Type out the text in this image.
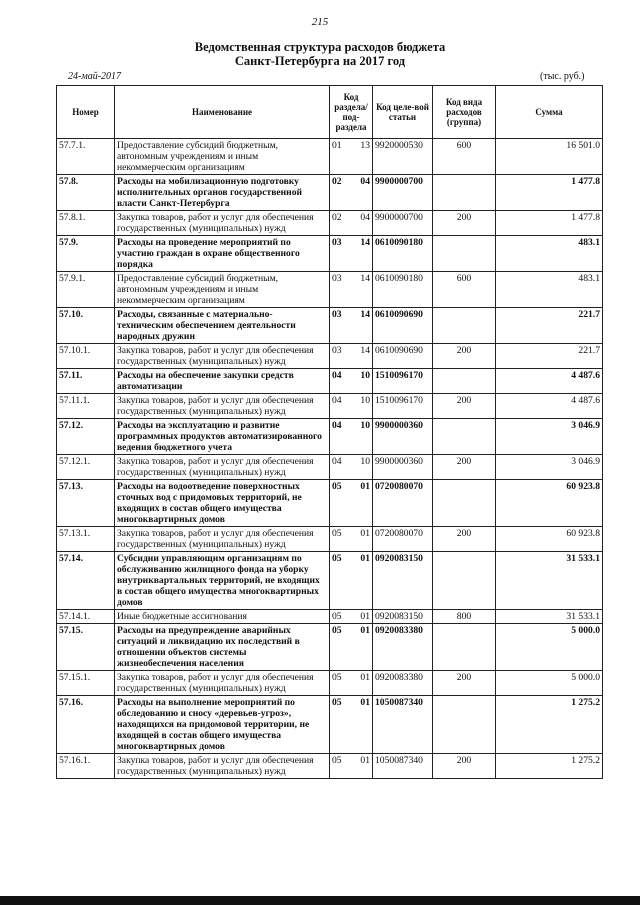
215
Ведомственная структура расходов бюджета
Санкт-Петербурга на 2017 год
24-май-2017	(тыс. руб.)
Номер	Наименование	Код раздела/ под-раздела	Код целе-вой статьи	Код вида расходов (группа)	Сумма
57.7.1.	Предоставление субсидий бюджетным, автономным учреждениям и иным некоммерческим организациям	01 13	9920000530	600	16 501.0
57.8.	Расходы на мобилизационную подготовку исполнительных органов государственной власти Санкт-Петербурга	02 04	9900000700		1 477.8
57.8.1.	Закупка товаров, работ и услуг для обеспечения государственных (муниципальных) нужд	02 04	9900000700	200	1 477.8
57.9.	Расходы на проведение мероприятий по участию граждан в охране общественного порядка	03 14	0610090180		483.1
57.9.1.	Предоставление субсидий бюджетным, автономным учреждениям и иным некоммерческим организациям	03 14	0610090180	600	483.1
57.10.	Расходы, связанные с материально-техническим обеспечением деятельности народных дружин	03 14	0610090690		221.7
57.10.1.	Закупка товаров, работ и услуг для обеспечения государственных (муниципальных) нужд	03 14	0610090690	200	221.7
57.11.	Расходы на обеспечение закупки средств автоматизации	04 10	1510096170		4 487.6
57.11.1.	Закупка товаров, работ и услуг для обеспечения государственных (муниципальных) нужд	04 10	1510096170	200	4 487.6
57.12.	Расходы на эксплуатацию и развитие программных продуктов автоматизированного ведения бюджетного учета	04 10	9900000360		3 046.9
57.12.1.	Закупка товаров, работ и услуг для обеспечения государственных (муниципальных) нужд	04 10	9900000360	200	3 046.9
57.13.	Расходы на водоотведение поверхностных сточных вод с придомовых территорий, не входящих в состав общего имущества многоквартирных домов	05 01	0720080070		60 923.8
57.13.1.	Закупка товаров, работ и услуг для обеспечения государственных (муниципальных) нужд	05 01	0720080070	200	60 923.8
57.14.	Субсидии управляющим организациям по обслуживанию жилищного фонда на уборку внутриквартальных территорий, не входящих в состав общего имущества многоквартирных домов	05 01	0920083150		31 533.1
57.14.1.	Иные бюджетные ассигнования	05 01	0920083150	800	31 533.1
57.15.	Расходы на предупреждение аварийных ситуаций и ликвидацию их последствий в отношении объектов системы жизнеобеспечения населения	05 01	0920083380		5 000.0
57.15.1.	Закупка товаров, работ и услуг для обеспечения государственных (муниципальных) нужд	05 01	0920083380	200	5 000.0
57.16.	Расходы на выполнение мероприятий по обследованию и сносу «деревьев-угроз», находящихся на придомовой территории, не входящей в состав общего имущества многоквартирных домов	05 01	1050087340		1 275.2
57.16.1.	Закупка товаров, работ и услуг для обеспечения государственных (муниципальных) нужд	05 01	1050087340	200	1 275.2
